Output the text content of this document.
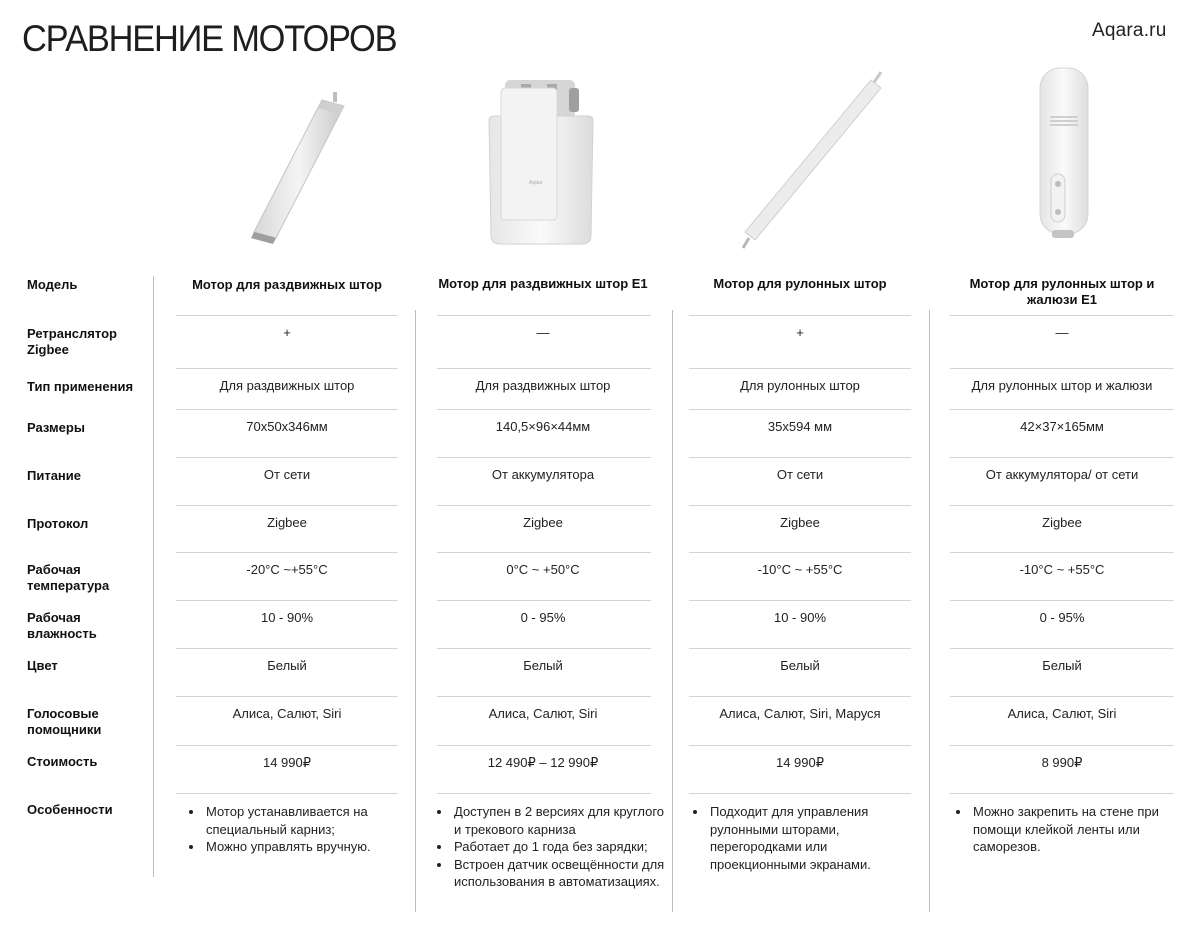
СРАВНЕНИЕ МОТОРОВ	Aqara.ru
Aqara
Модель
Ретранслятор Zigbee
Тип применения
Размеры
Питание
Протокол
Рабочая температура
Рабочая влажность
Цвет
Голосовые помощники
Стоимость
Особенности
Мотор для раздвижных штор
+
Для раздвижных штор
70x50x346мм
От сети
Zigbee
-20°C ~+55°C
10 - 90%
Белый
Алиса, Салют, Siri
14 990₽
• Мотор устанавливается на специальный карниз;
• Можно управлять вручную.
Мотор для раздвижных штор E1
—
Для раздвижных штор
140,5×96×44мм
От аккумулятора
Zigbee
0°C ~ +50°C
0 - 95%
Белый
Алиса, Салют, Siri
12 490₽ – 12 990₽
• Доступен в 2 версиях для круглого и трекового карниза
• Работает до 1 года без зарядки;
• Встроен датчик освещённости для использования в автоматизациях.
Мотор для рулонных штор
+
Для рулонных штор
35x594 мм
От сети
Zigbee
-10°C ~ +55°C
10 - 90%
Белый
Алиса, Салют, Siri, Маруся
14 990₽
• Подходит для управления рулонными шторами, перегородками или проекционными экранами.
Мотор для рулонных штор и жалюзи E1
—
Для рулонных штор и жалюзи
42×37×165мм
От аккумулятора/ от сети
Zigbee
-10°C ~ +55°C
0 - 95%
Белый
Алиса, Салют, Siri
8 990₽
• Можно закрепить на стене при помощи клейкой ленты или саморезов.
